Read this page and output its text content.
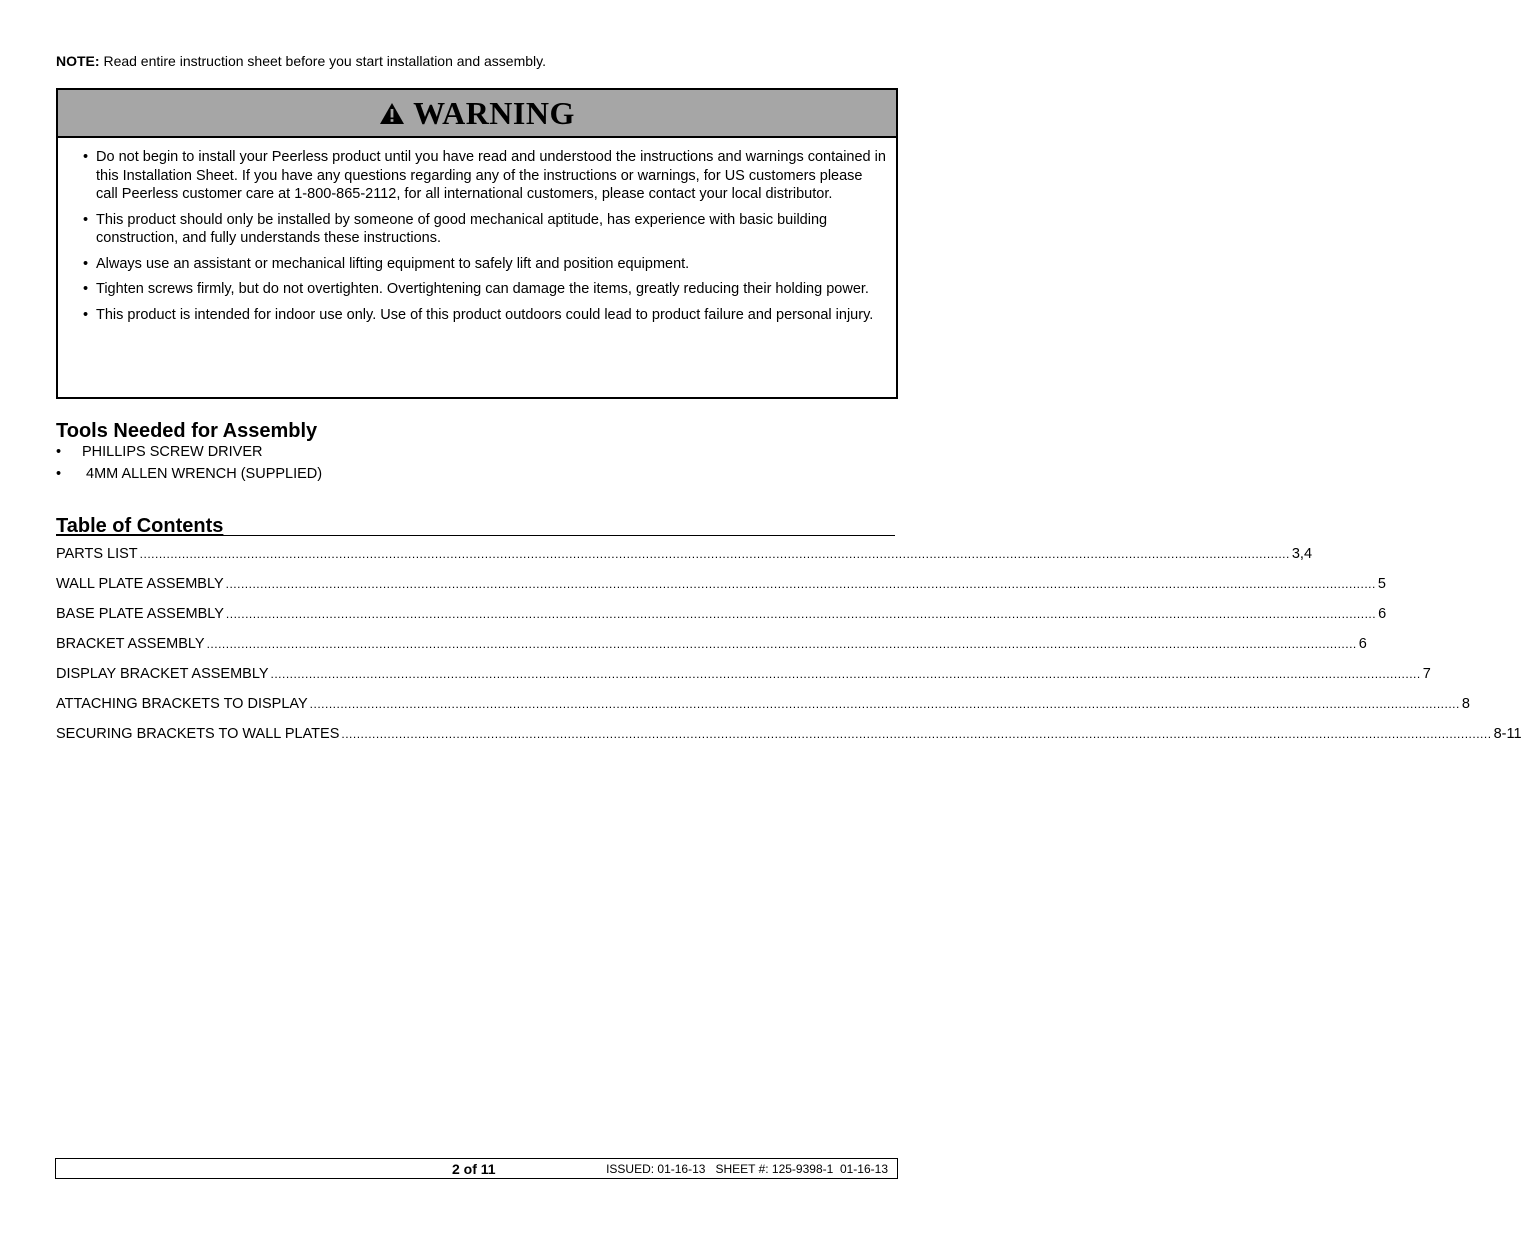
NOTE: Read entire instruction sheet before you start installation and assembly.
WARNING
• Do not begin to install your Peerless product until you have read and understood the instructions and warnings contained in this Installation Sheet. If you have any questions regarding any of the instructions or warnings, for US customers please call Peerless customer care at 1-800-865-2112, for all international customers, please contact your local distributor.
• This product should only be installed by someone of good mechanical aptitude, has experience with basic building construction, and fully understands these instructions.
• Always use an assistant or mechanical lifting equipment to safely lift and position equipment.
• Tighten screws firmly, but do not overtighten. Overtightening can damage the items, greatly reducing their holding power.
• This product is intended for indoor use only. Use of this product outdoors could lead to product failure and personal injury.
Tools Needed for Assembly
• PHILLIPS SCREW DRIVER
•  4MM ALLEN WRENCH (SUPPLIED)
Table of Contents
PARTS LIST ............................................................................................................................................................................................................................................................................................................ 3,4
WALL PLATE ASSEMBLY ............................................................................................................................................................................................................................................................................................................ 5
BASE PLATE ASSEMBLY ............................................................................................................................................................................................................................................................................................................ 6
BRACKET ASSEMBLY ............................................................................................................................................................................................................................................................................................................ 6
DISPLAY BRACKET ASSEMBLY ............................................................................................................................................................................................................................................................................................................ 7
ATTACHING BRACKETS TO DISPLAY ............................................................................................................................................................................................................................................................................................................ 8
SECURING BRACKETS TO WALL PLATES ............................................................................................................................................................................................................................................................................................................ 8-11
2 of 11	ISSUED: 01-16-13   SHEET #: 125-9398-1  01-16-13
